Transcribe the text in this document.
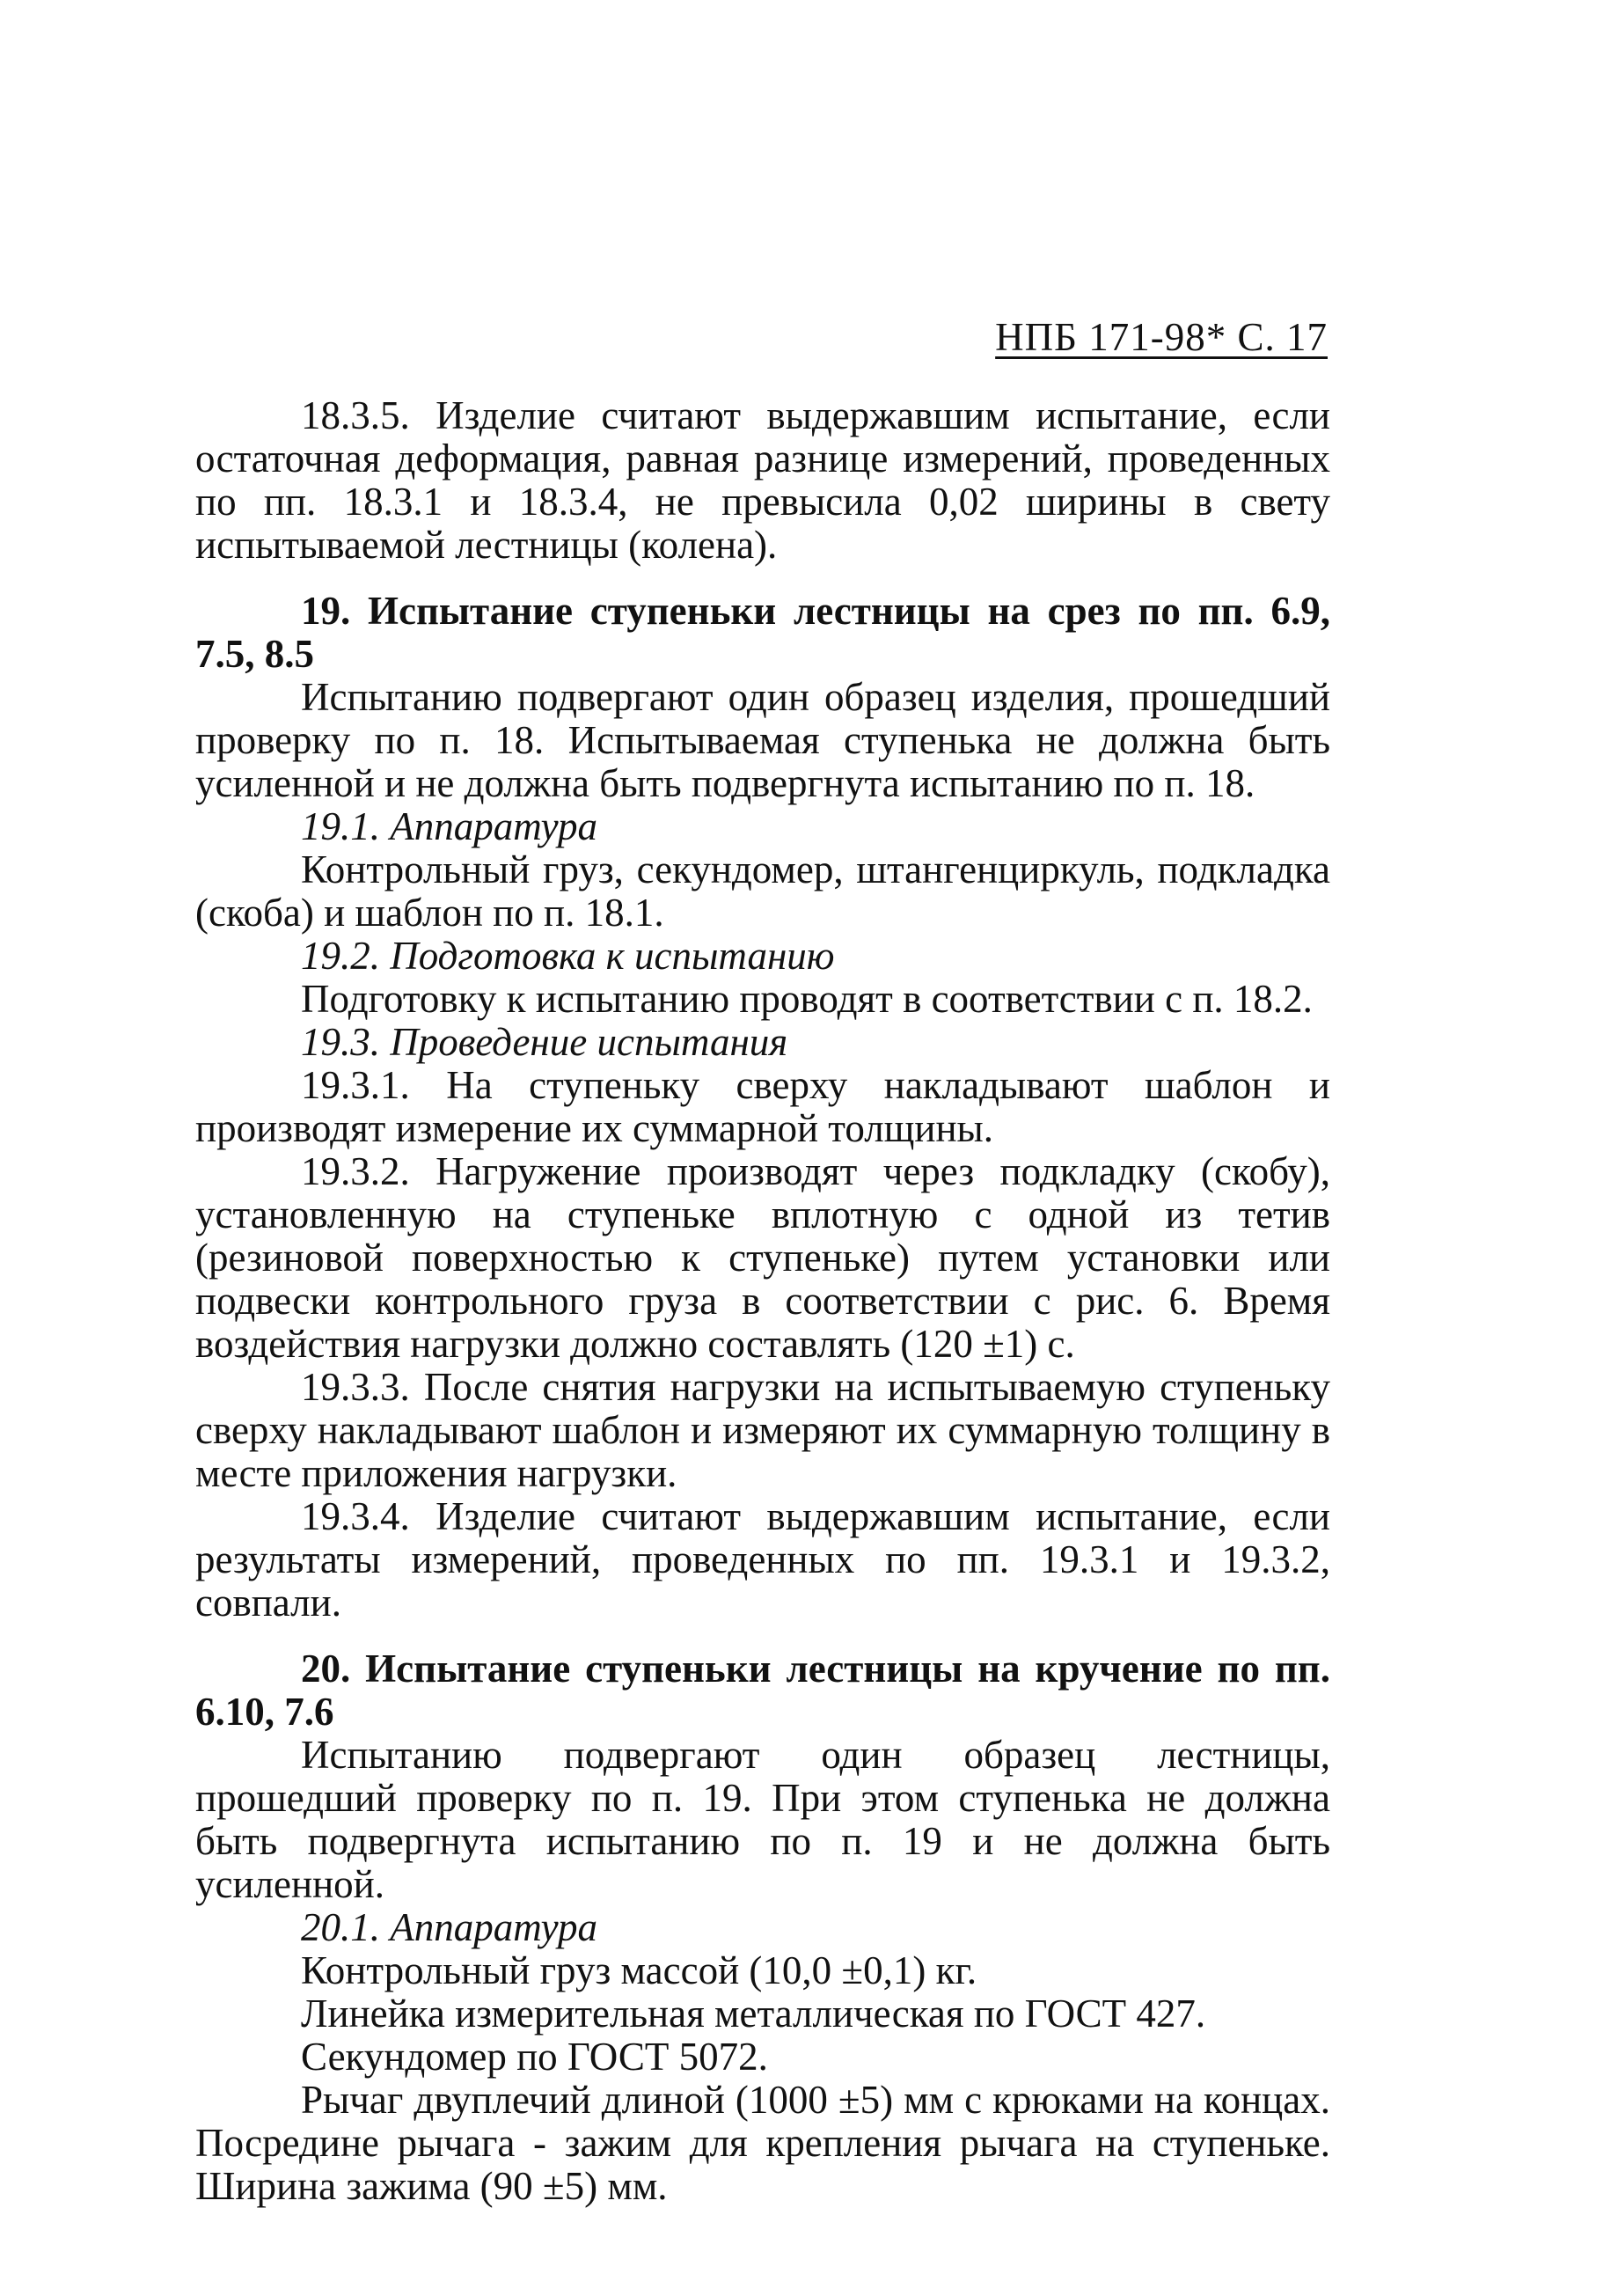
НПБ 171-98* С. 17

18.3.5. Изделие считают выдержавшим испытание, если остаточная деформация, равная разнице измерений, проведенных по пп. 18.3.1 и 18.3.4, не превысила 0,02 ширины в свету испытываемой лестницы (колена).

19. Испытание ступеньки лестницы на срез по пп. 6.9, 7.5, 8.5

Испытанию подвергают один образец изделия, прошедший проверку по п. 18. Испытываемая ступенька не должна быть усиленной и не должна быть подвергнута испытанию по п. 18.

19.1. Аппаратура

Контрольный груз, секундомер, штангенциркуль, подкладка (скоба) и шаблон по п. 18.1.

19.2. Подготовка к испытанию

Подготовку к испытанию проводят в соответствии с п. 18.2.

19.3. Проведение испытания

19.3.1. На ступеньку сверху накладывают шаблон и производят измерение их суммарной толщины.

19.3.2. Нагружение производят через подкладку (скобу), установленную на ступеньке вплотную с одной из тетив (резиновой поверхностью к ступеньке) путем установки или подвески контрольного груза в соответствии с рис. 6. Время воздействия нагрузки должно составлять (120 ±1) с.

19.3.3. После снятия нагрузки на испытываемую ступеньку сверху накладывают шаблон и измеряют их суммарную толщину в месте приложения нагрузки.

19.3.4. Изделие считают выдержавшим испытание, если результаты измерений, проведенных по пп. 19.3.1 и 19.3.2, совпали.

20. Испытание ступеньки лестницы на кручение по пп. 6.10, 7.6

Испытанию подвергают один образец лестницы, прошедший проверку по п. 19. При этом ступенька не должна быть подвергнута испытанию по п. 19 и не должна быть усиленной.

20.1. Аппаратура

Контрольный груз массой (10,0 ±0,1) кг.

Линейка измерительная металлическая по ГОСТ 427.

Секундомер по ГОСТ 5072.

Рычаг двуплечий длиной (1000 ±5) мм с крюками на концах. Посредине рычага - зажим для крепления рычага на ступеньке. Ширина зажима (90 ±5) мм.
